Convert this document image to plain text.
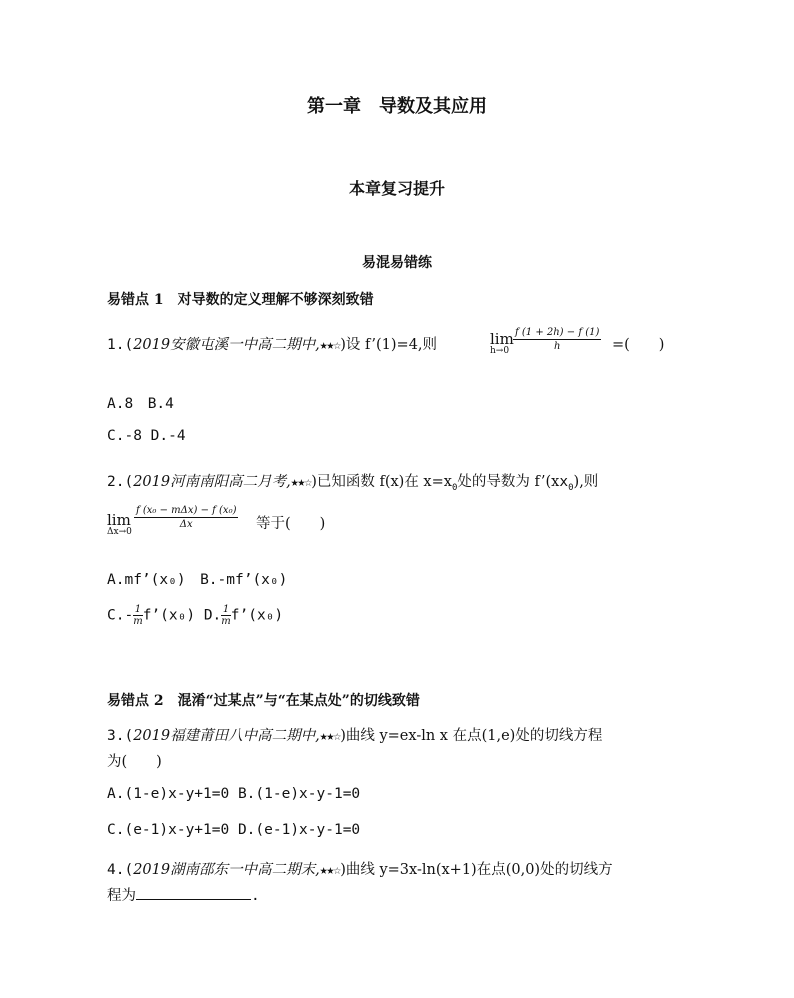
第一章　导数及其应用
本章复习提升
易混易错练
易错点 1　对导数的定义理解不够深刻致错
1.(2019安徽屯溪一中高二期中,★★☆)设 f’(1)=4,则	lim
$h\to 0 \frac{f (1 + 2h) - f (1)}{h}$ =(　　)
A.8　B.4
C.-8 D.-4
2.(2019河南南阳高二月考,★★☆)已知函数 f(x)在 $x=x_0$处的导数为 $f’(xx_0)$,则
lim
Δx→0
f (x₀ − mΔx) − f (x₀)
Δx	等于(　　)
A.mf’(x₀)　B.-mf’(x₀)
$C.- \frac{1}{m}f’(x_0)$ D. $\frac{1}{m}f’(x_0)$
易错点 2　混淆“过某点”与“在某点处”的切线致错
3.(2019福建莆田八中高二期中,★★☆)曲线 y=ex-ln x 在点(1,e)处的切线方程
为(　　)
A.(1-e)x-y+1=0 B.(1-e)x-y-1=0
C.(e-1)x-y+1=0 D.(e-1)x-y-1=0
4.(2019湖南邵东一中高二期末,★★☆)曲线 y=3x-ln(x+1)在点(0,0)处的切线方
程为	.
